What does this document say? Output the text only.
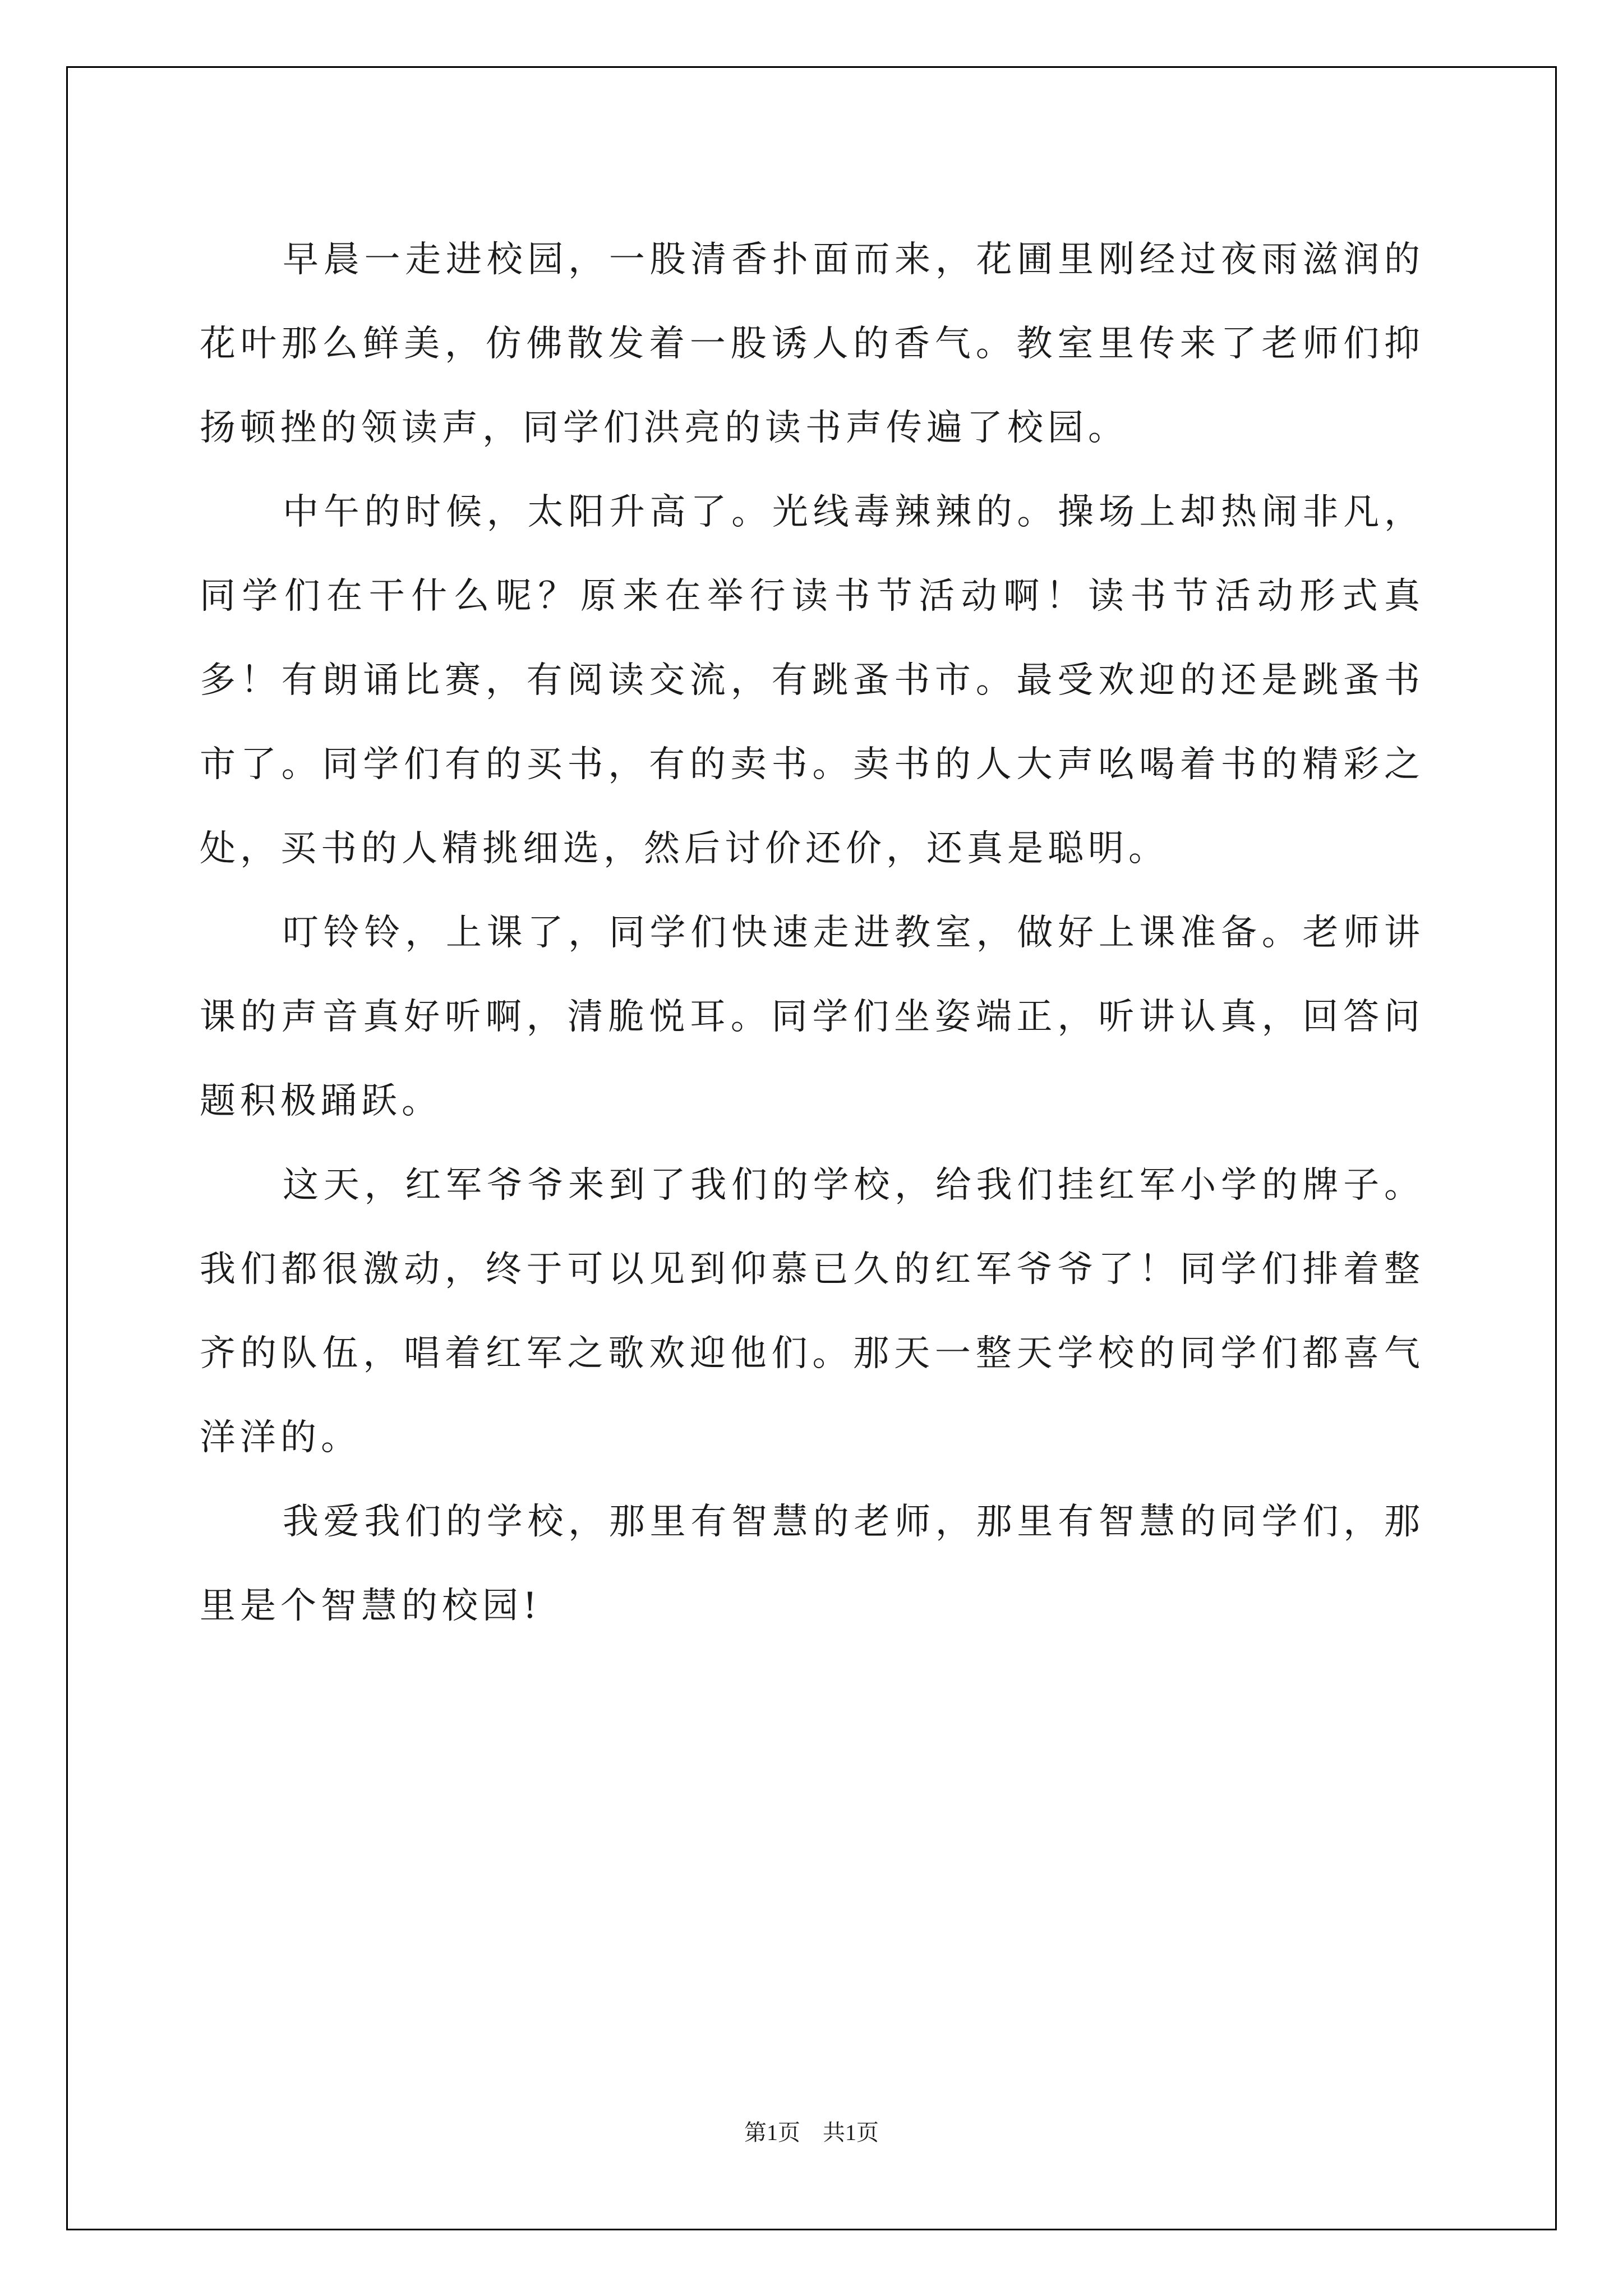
早晨一走进校园，一股清香扑面而来，花圃里刚经过夜雨滋润的花叶那么鲜美，仿佛散发着一股诱人的香气。教室里传来了老师们抑扬顿挫的领读声，同学们洪亮的读书声传遍了校园。

中午的时候，太阳升高了。光线毒辣辣的。操场上却热闹非凡，同学们在干什么呢？原来在举行读书节活动啊！读书节活动形式真多！有朗诵比赛，有阅读交流，有跳蚤书市。最受欢迎的还是跳蚤书市了。同学们有的买书，有的卖书。卖书的人大声吆喝着书的精彩之处，买书的人精挑细选，然后讨价还价，还真是聪明。

叮铃铃，上课了，同学们快速走进教室，做好上课准备。老师讲课的声音真好听啊，清脆悦耳。同学们坐姿端正，听讲认真，回答问题积极踊跃。

这天，红军爷爷来到了我们的学校，给我们挂红军小学的牌子。我们都很激动，终于可以见到仰慕已久的红军爷爷了！同学们排着整齐的队伍，唱着红军之歌欢迎他们。那天一整天学校的同学们都喜气洋洋的。

我爱我们的学校，那里有智慧的老师，那里有智慧的同学们，那里是个智慧的校园!

第1页　共1页
